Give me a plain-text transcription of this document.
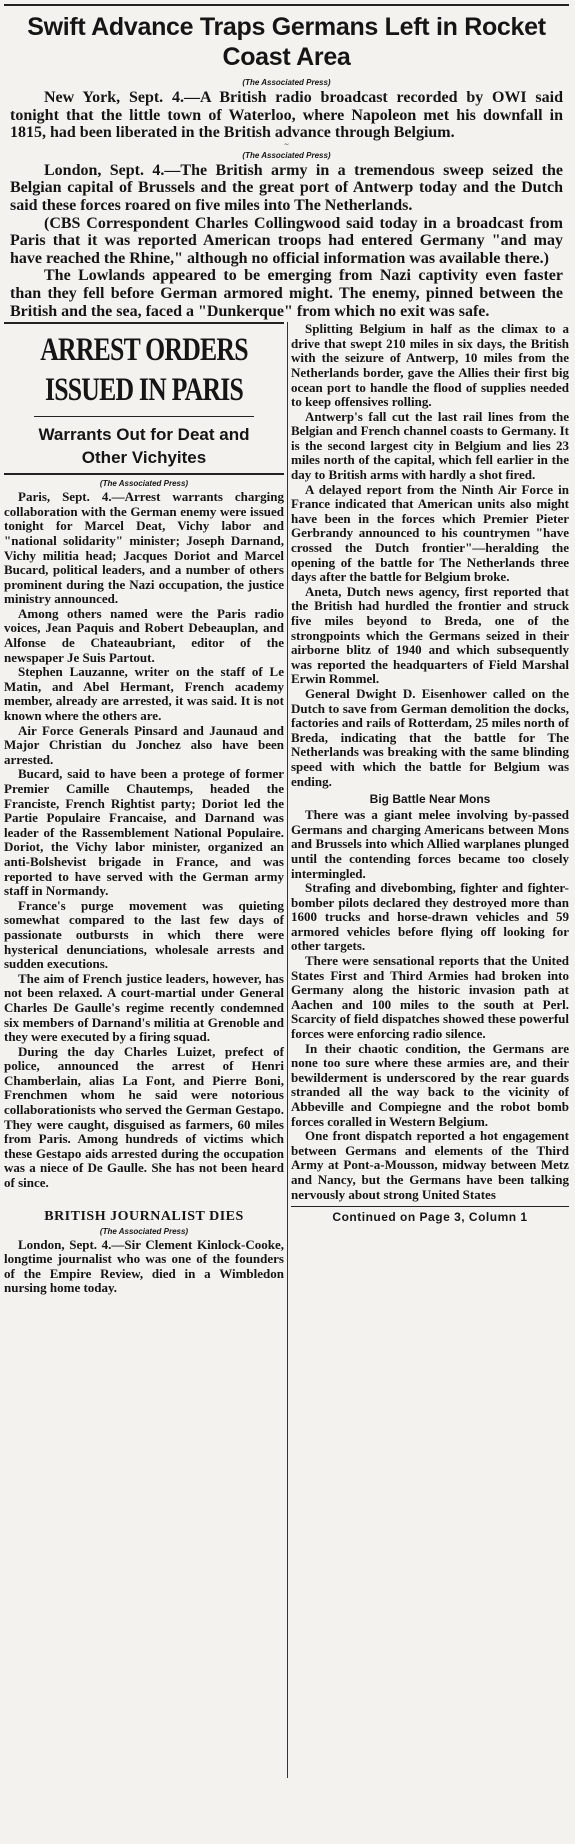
Swift Advance Traps Germans Left in Rocket Coast Area
(The Associated Press)

New York, Sept. 4.—A British radio broadcast recorded by OWI said tonight that the little town of Waterloo, where Napoleon met his downfall in 1815, had been liberated in the British advance through Belgium.

~
(The Associated Press)

London, Sept. 4.—The British army in a tremendous sweep seized the Belgian capital of Brussels and the great port of Antwerp today and the Dutch said these forces roared on five miles into The Netherlands.

(CBS Correspondent Charles Collingwood said today in a broadcast from Paris that it was reported American troops had entered Germany "and may have reached the Rhine," although no official information was available there.)

The Lowlands appeared to be emerging from Nazi captivity even faster than they fell before German armored might. The enemy, pinned between the British and the sea, faced a "Dunkerque" from which no exit was safe.

ARREST ORDERS
ISSUED IN PARIS
Warrants Out for Deat and
Other Vichyites
(The Associated Press)

Paris, Sept. 4.—Arrest warrants charging collaboration with the German enemy were issued tonight for Marcel Deat, Vichy labor and "national solidarity" minister; Joseph Darnand, Vichy militia head; Jacques Doriot and Marcel Bucard, political leaders, and a number of others prominent during the Nazi occupation, the justice ministry announced.

Among others named were the Paris radio voices, Jean Paquis and Robert Debeauplan, and Alfonse de Chateaubriant, editor of the newspaper Je Suis Partout.

Stephen Lauzanne, writer on the staff of Le Matin, and Abel Hermant, French academy member, already are arrested, it was said. It is not known where the others are.

Air Force Generals Pinsard and Jaunaud and Major Christian du Jonchez also have been arrested.

Bucard, said to have been a protege of former Premier Camille Chautemps, headed the Franciste, French Rightist party; Doriot led the Partie Populaire Francaise, and Darnand was leader of the Rassemblement National Populaire. Doriot, the Vichy labor minister, organized an anti-Bolshevist brigade in France, and was reported to have served with the German army staff in Normandy.

France's purge movement was quieting somewhat compared to the last few days of passionate outbursts in which there were hysterical denunciations, wholesale arrests and sudden executions.

The aim of French justice leaders, however, has not been relaxed. A court-martial under General Charles De Gaulle's regime recently condemned six members of Darnand's militia at Grenoble and they were executed by a firing squad.

During the day Charles Luizet, prefect of police, announced the arrest of Henri Chamberlain, alias La Font, and Pierre Boni, Frenchmen whom he said were notorious collaborationists who served the German Gestapo. They were caught, disguised as farmers, 60 miles from Paris. Among hundreds of victims which these Gestapo aids arrested during the occupation was a niece of De Gaulle. She has not been heard of since.

BRITISH JOURNALIST DIES
(The Associated Press)

London, Sept. 4.—Sir Clement Kinlock-Cooke, longtime journalist who was one of the founders of the Empire Review, died in a Wimbledon nursing home today.

Splitting Belgium in half as the climax to a drive that swept 210 miles in six days, the British with the seizure of Antwerp, 10 miles from the Netherlands border, gave the Allies their first big ocean port to handle the flood of supplies needed to keep offensives rolling.

Antwerp's fall cut the last rail lines from the Belgian and French channel coasts to Germany. It is the second largest city in Belgium and lies 23 miles north of the capital, which fell earlier in the day to British arms with hardly a shot fired.

A delayed report from the Ninth Air Force in France indicated that American units also might have been in the forces which Premier Pieter Gerbrandy announced to his countrymen "have crossed the Dutch frontier"—heralding the opening of the battle for The Netherlands three days after the battle for Belgium broke.

Aneta, Dutch news agency, first reported that the British had hurdled the frontier and struck five miles beyond to Breda, one of the strongpoints which the Germans seized in their airborne blitz of 1940 and which subsequently was reported the headquarters of Field Marshal Erwin Rommel.

General Dwight D. Eisenhower called on the Dutch to save from German demolition the docks, factories and rails of Rotterdam, 25 miles north of Breda, indicating that the battle for The Netherlands was breaking with the same blinding speed with which the battle for Belgium was ending.

Big Battle Near Mons

There was a giant melee involving by-passed Germans and charging Americans between Mons and Brussels into which Allied warplanes plunged until the contending forces became too closely intermingled.

Strafing and divebombing, fighter and fighter-bomber pilots declared they destroyed more than 1600 trucks and horse-drawn vehicles and 59 armored vehicles before flying off looking for other targets.

There were sensational reports that the United States First and Third Armies had broken into Germany along the historic invasion path at Aachen and 100 miles to the south at Perl. Scarcity of field dispatches showed these powerful forces were enforcing radio silence.

In their chaotic condition, the Germans are none too sure where these armies are, and their bewilderment is underscored by the rear guards stranded all the way back to the vicinity of Abbeville and Compiegne and the robot bomb forces coralled in Western Belgium.

One front dispatch reported a hot engagement between Germans and elements of the Third Army at Pont-a-Mousson, midway between Metz and Nancy, but the Germans have been talking nervously about strong United States

Continued on Page 3, Column 1
